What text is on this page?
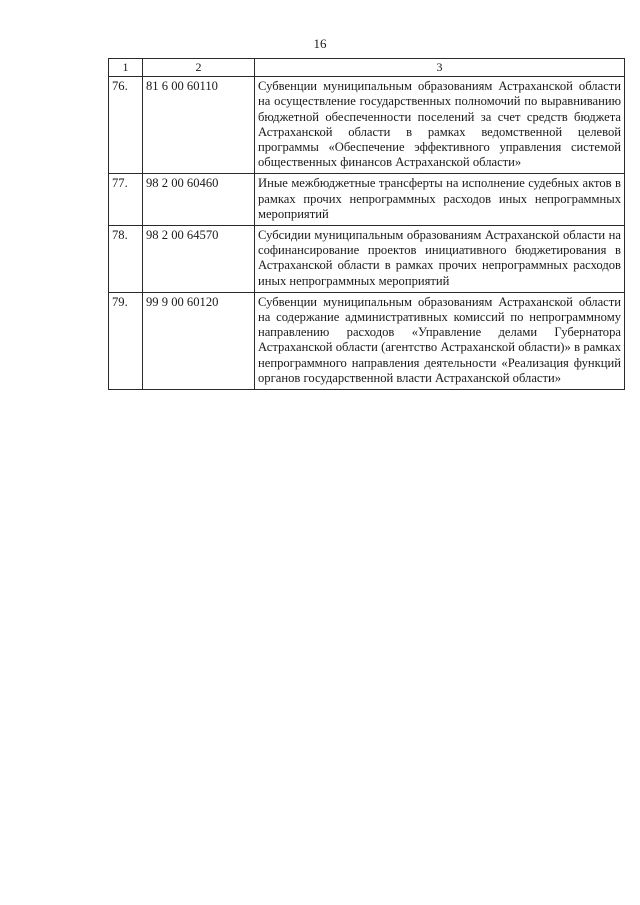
16
1	2	3
76.	81 6 00 60110	Субвенции муниципальным образованиям Астраханской области на осуществление государственных полномочий по выравниванию бюджетной обеспеченности поселений за счет средств бюджета Астраханской области в рамках ведомственной целевой программы «Обеспечение эффективного управления системой общественных финансов Астраханской области»
77.	98 2 00 60460	Иные межбюджетные трансферты на исполнение судебных актов в рамках прочих непрограммных расходов иных непрограммных мероприятий
78.	98 2 00 64570	Субсидии муниципальным образованиям Астраханской области на софинансирование проектов инициативного бюджетирования в Астраханской области в рамках прочих непрограммных расходов иных непрограммных мероприятий
79.	99 9 00 60120	Субвенции муниципальным образованиям Астраханской области на содержание административных комиссий по непрограммному направлению расходов «Управление делами Губернатора Астраханской области (агентство Астраханской области)» в рамках непрограммного направления деятельности «Реализация функций органов государственной власти Астраханской области»
